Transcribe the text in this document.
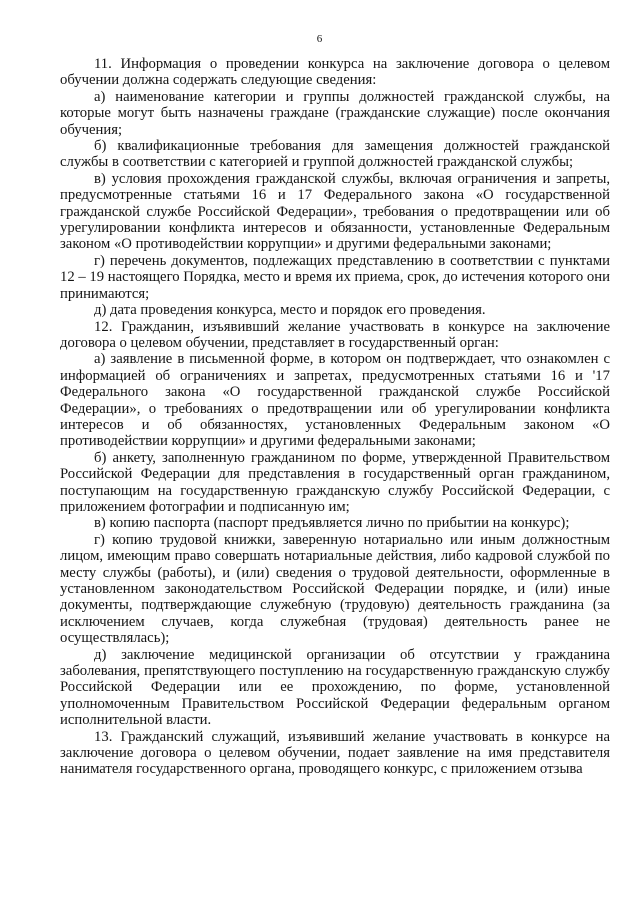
6

11. Информация о проведении конкурса на заключение договора о целевом обучении должна содержать следующие сведения:

а) наименование категории и группы должностей гражданской службы, на которые могут быть назначены граждане (гражданские служащие) после окончания обучения;

б) квалификационные требования для замещения должностей гражданской службы в соответствии с категорией и группой должностей гражданской службы;

в) условия прохождения гражданской службы, включая ограничения и запреты, предусмотренные статьями 16 и 17 Федерального закона «О государственной гражданской службе Российской Федерации», требования о предотвращении или об урегулировании конфликта интересов и обязанности, установленные Федеральным законом «О противодействии коррупции» и другими федеральными законами;

г) перечень документов, подлежащих представлению в соответствии с пунктами 12 – 19 настоящего Порядка, место и время их приема, срок, до истечения которого они принимаются;

д) дата проведения конкурса, место и порядок его проведения.

12. Гражданин, изъявивший желание участвовать в конкурсе на заключение договора о целевом обучении, представляет в государственный орган:

а) заявление в письменной форме, в котором он подтверждает, что ознакомлен с информацией об ограничениях и запретах, предусмотренных статьями 16 и '17 Федерального закона «О государственной гражданской службе Российской Федерации», о требованиях о предотвращении или об урегулировании конфликта интересов и об обязанностях, установленных Федеральным законом «О противодействии коррупции» и другими федеральными законами;

б) анкету, заполненную гражданином по форме, утвержденной Правительством Российской Федерации для представления в государственный орган гражданином, поступающим на государственную гражданскую службу Российской Федерации, с приложением фотографии и подписанную им;

в) копию паспорта (паспорт предъявляется лично по прибытии на конкурс);

г) копию трудовой книжки, заверенную нотариально или иным должностным лицом, имеющим право совершать нотариальные действия, либо кадровой службой по месту службы (работы), и (или) сведения о трудовой деятельности, оформленные в установленном законодательством Российской Федерации порядке, и (или) иные документы, подтверждающие служебную (трудовую) деятельность гражданина (за исключением случаев, когда служебная (трудовая) деятельность ранее не осуществлялась);

д) заключение медицинской организации об отсутствии у гражданина заболевания, препятствующего поступлению на государственную гражданскую службу Российской Федерации или ее прохождению, по форме, установленной уполномоченным Правительством Российской Федерации федеральным органом исполнительной власти.

13. Гражданский служащий, изъявивший желание участвовать в конкурсе на заключение договора о целевом обучении, подает заявление на имя представителя нанимателя государственного органа, проводящего конкурс, с приложением отзыва
